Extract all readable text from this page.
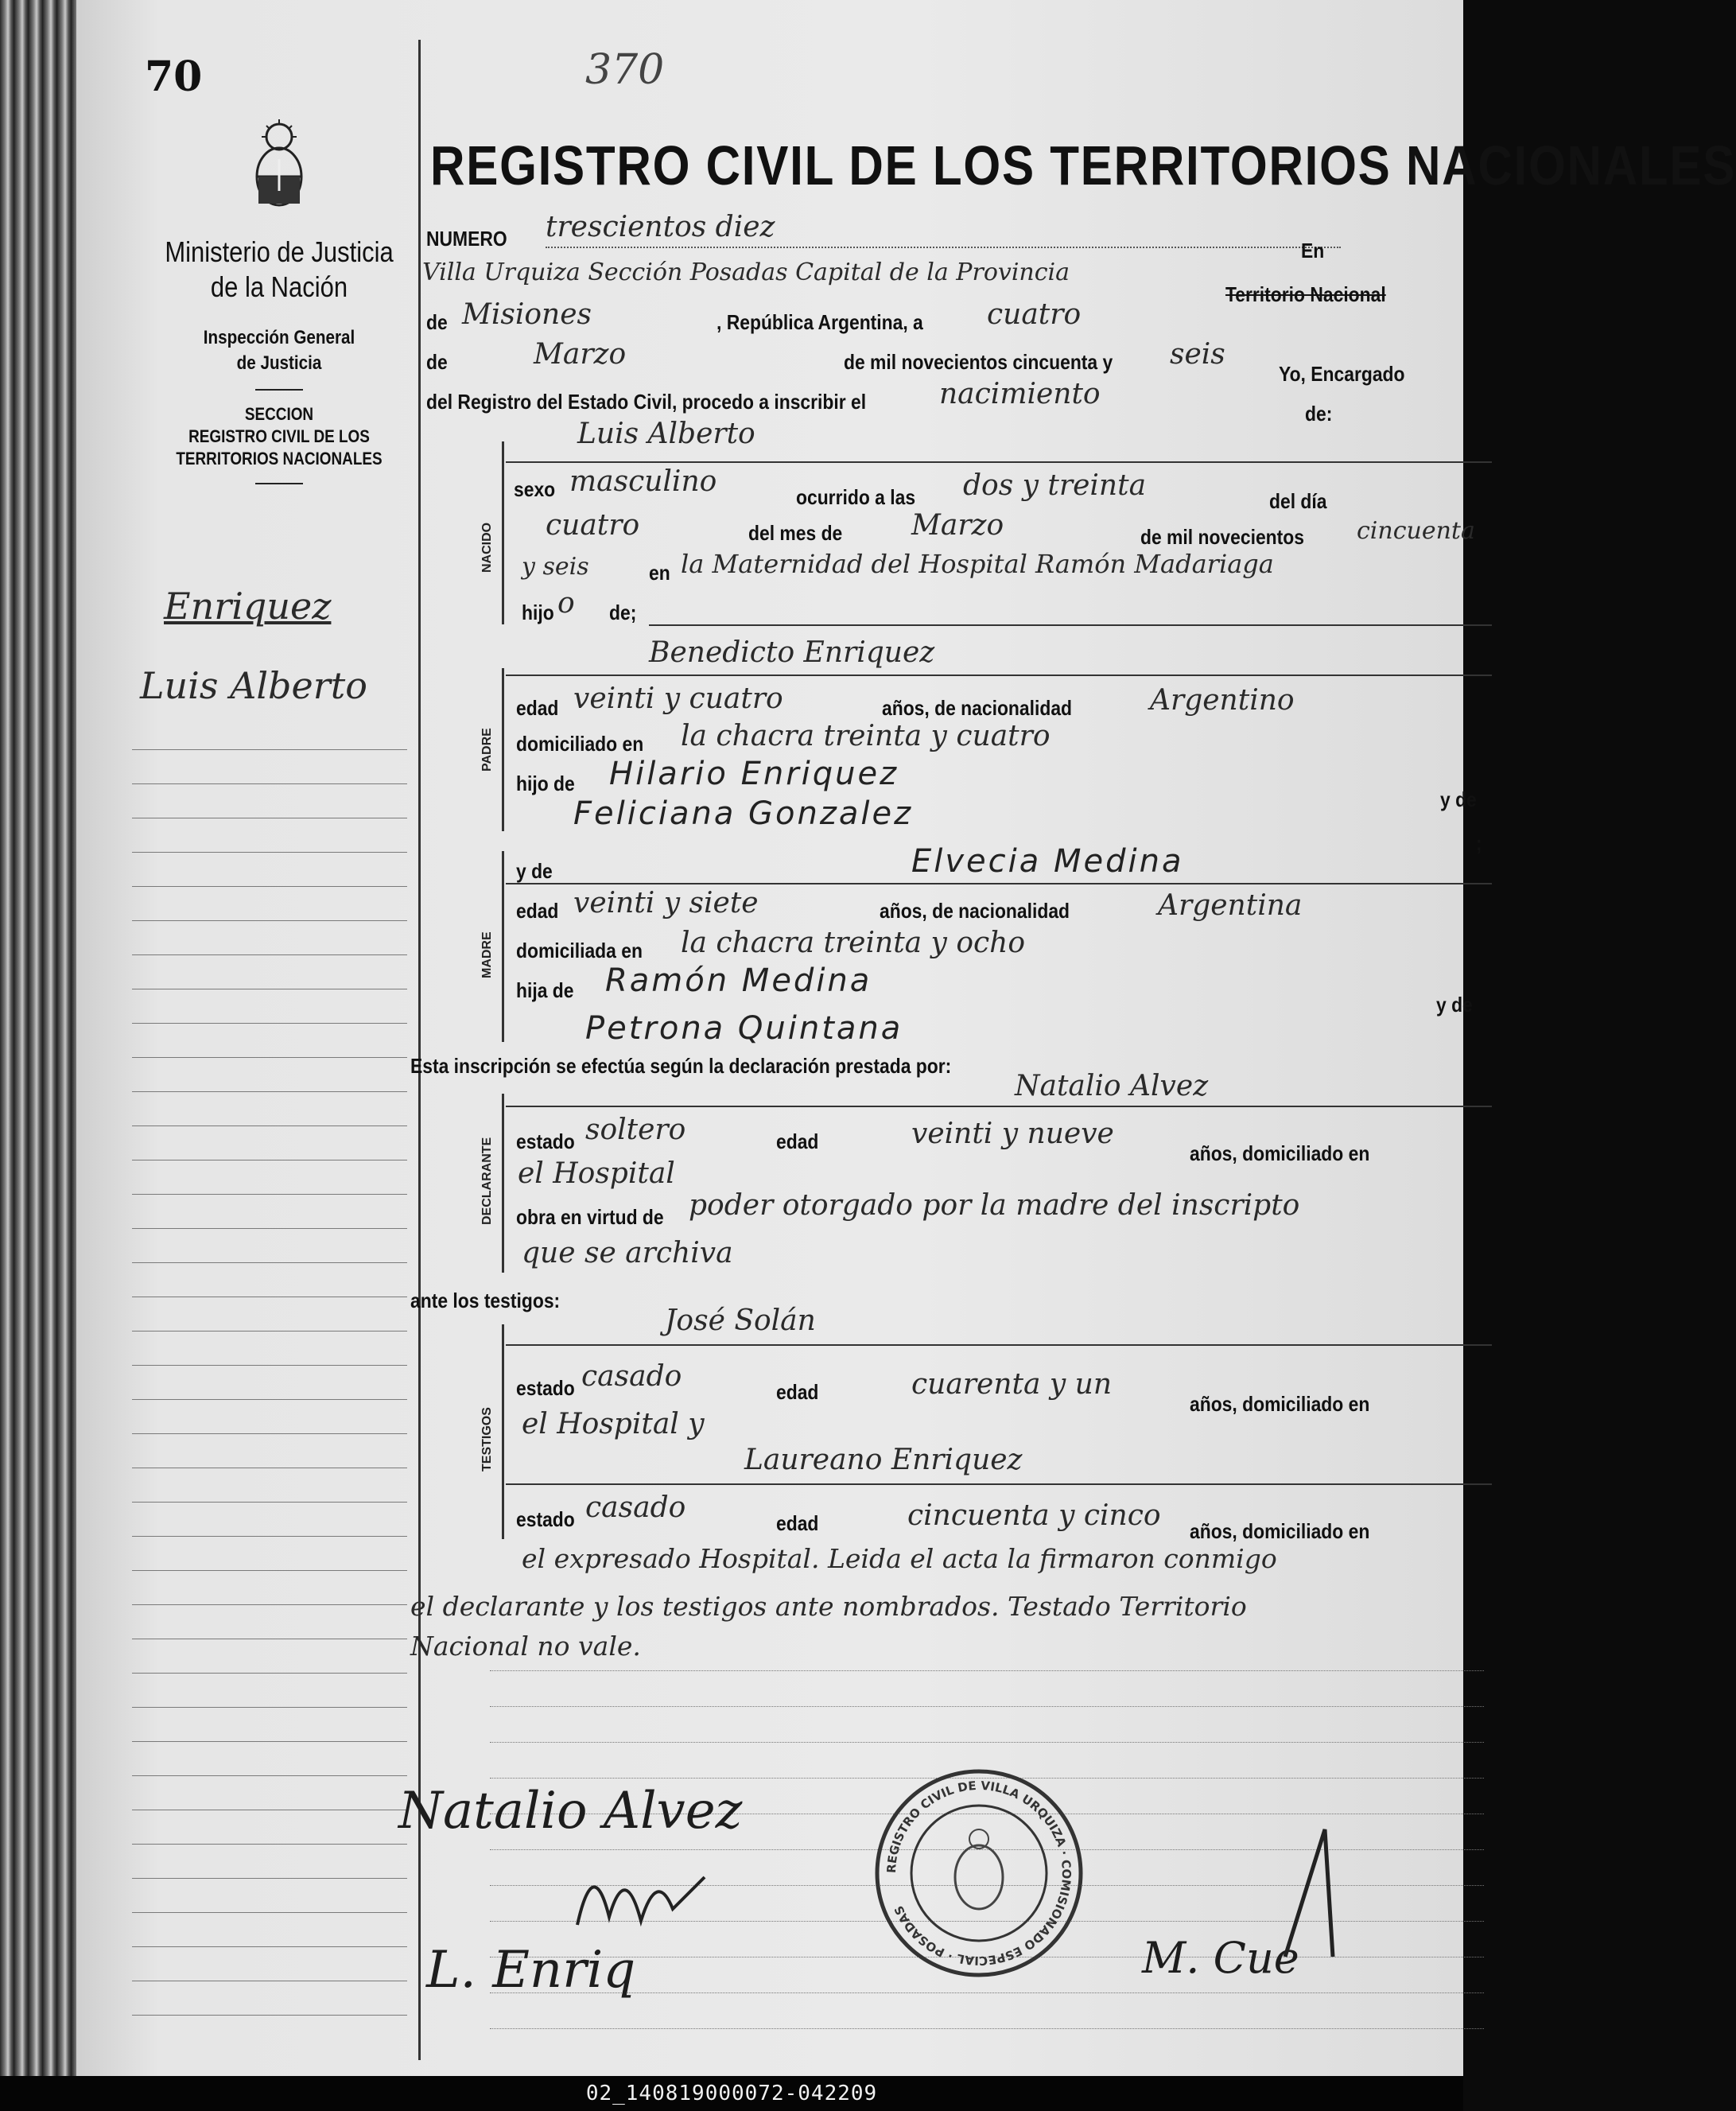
70	370
REGISTRO CIVIL DE LOS TERRITORIOS NACIONALES
Ministerio de Justicia
de la Nación
Inspección General
de Justicia
SECCION
REGISTRO CIVIL DE LOS
TERRITORIOS NACIONALES
Enriquez
Luis Alberto
NUMERO trescientos diez
En
Villa Urquiza Sección Posadas Capital de la Provincia
Territorio Nacional
de Misiones	, República Argentina, a cuatro
de	Marzo	de mil novecientos cincuenta y seis
Yo, Encargado
del Registro del Estado Civil, procedo a inscribir el	nacimiento
de:
Luis Alberto
NACIDO
sexo masculino	ocurrido a las dos y treinta	del día
cuatro	del mes de Marzo	de mil novecientos cincuenta
y seis	en la Maternidad del Hospital Ramón Madariaga
hijo o de;
Benedicto Enriquez
PADRE
edad veinti y cuatro	años, de nacionalidad	Argentino
domiciliado en la chacra treinta y cuatro
hijo de Hilario Enriquez
y de
Feliciana Gonzalez
;
y de	Elvecia Medina
MADRE
edad veinti y siete	años, de nacionalidad	Argentina
domiciliada en la chacra treinta y ocho
hija de Ramón Medina
y de
Petrona Quintana
Esta inscripción se efectúa según la declaración prestada por:
Natalio Alvez
DECLARANTE estado soltero	edad	veinti y nueve
años, domiciliado en
el Hospital
obra en virtud de poder otorgado por la madre del inscripto
que se archiva
ante los testigos:
José Solán
TESTIGOS
estado casado	edad	cuarenta y un
años, domiciliado en
el Hospital y
Laureano Enriquez
estado casado	edad	cincuenta y cinco años, domiciliado en
el expresado Hospital. Leida el acta la firmaron conmigo
el declarante y los testigos ante nombrados. Testado Territorio
Nacional no vale.
Natalio Alvez
L. Enriq	M. Cue
REGISTRO CIVIL DE VILLA URQUIZA · COMISIONADO ESPECIAL · POSADAS
02_140819000072-042209
